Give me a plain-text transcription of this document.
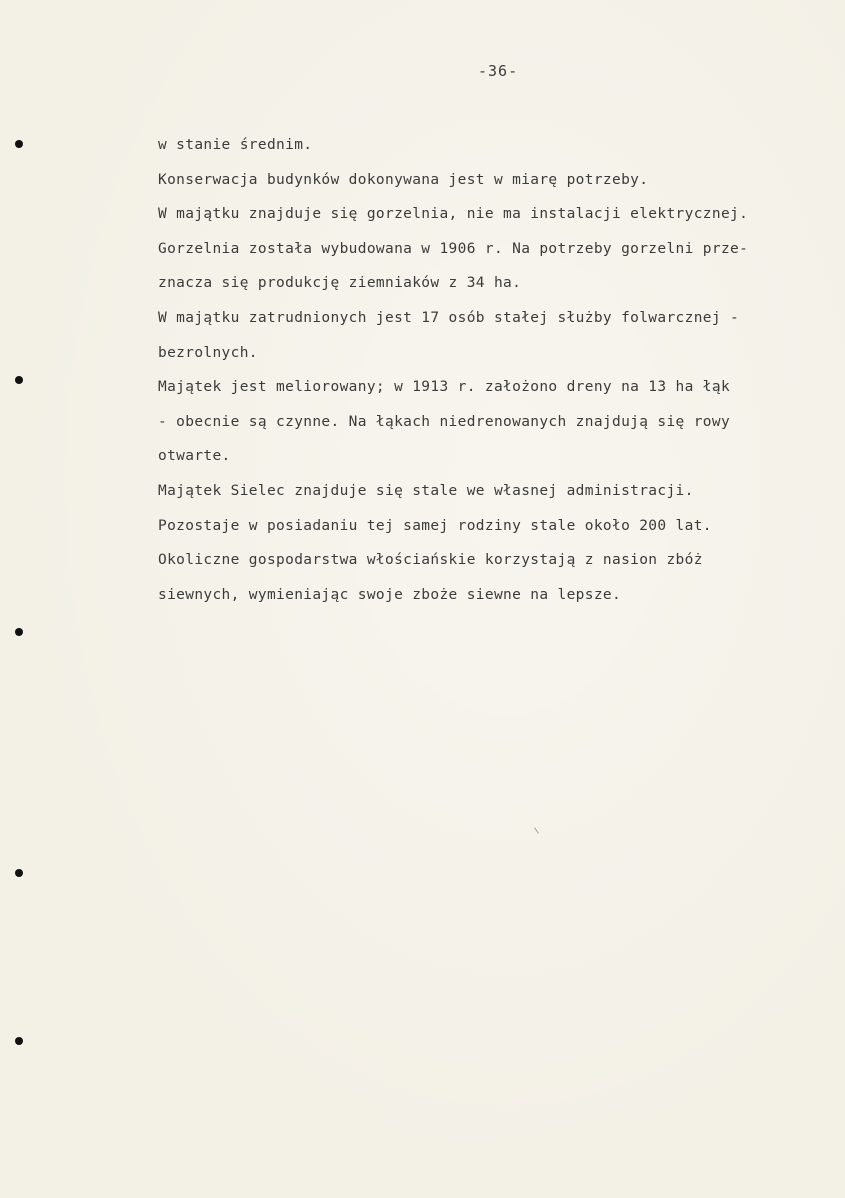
-36-
w stanie średnim.
Konserwacja budynków dokonywana jest w miarę potrzeby.
W majątku znajduje się gorzelnia, nie ma instalacji elektrycznej.
Gorzelnia została wybudowana w 1906 r. Na potrzeby gorzelni prze-
znacza się produkcję ziemniaków z 34 ha.
W majątku zatrudnionych jest 17 osób stałej służby folwarcznej -
bezrolnych.
Majątek jest meliorowany; w 1913 r. założono dreny na 13 ha łąk
- obecnie są czynne. Na łąkach niedrenowanych znajdują się rowy
otwarte.
Majątek Sielec znajduje się stale we własnej administracji.
Pozostaje w posiadaniu tej samej rodziny stale około 200 lat.
Okoliczne gospodarstwa włościańskie korzystają z nasion zbóż
siewnych, wymieniając swoje zboże siewne na lepsze.
